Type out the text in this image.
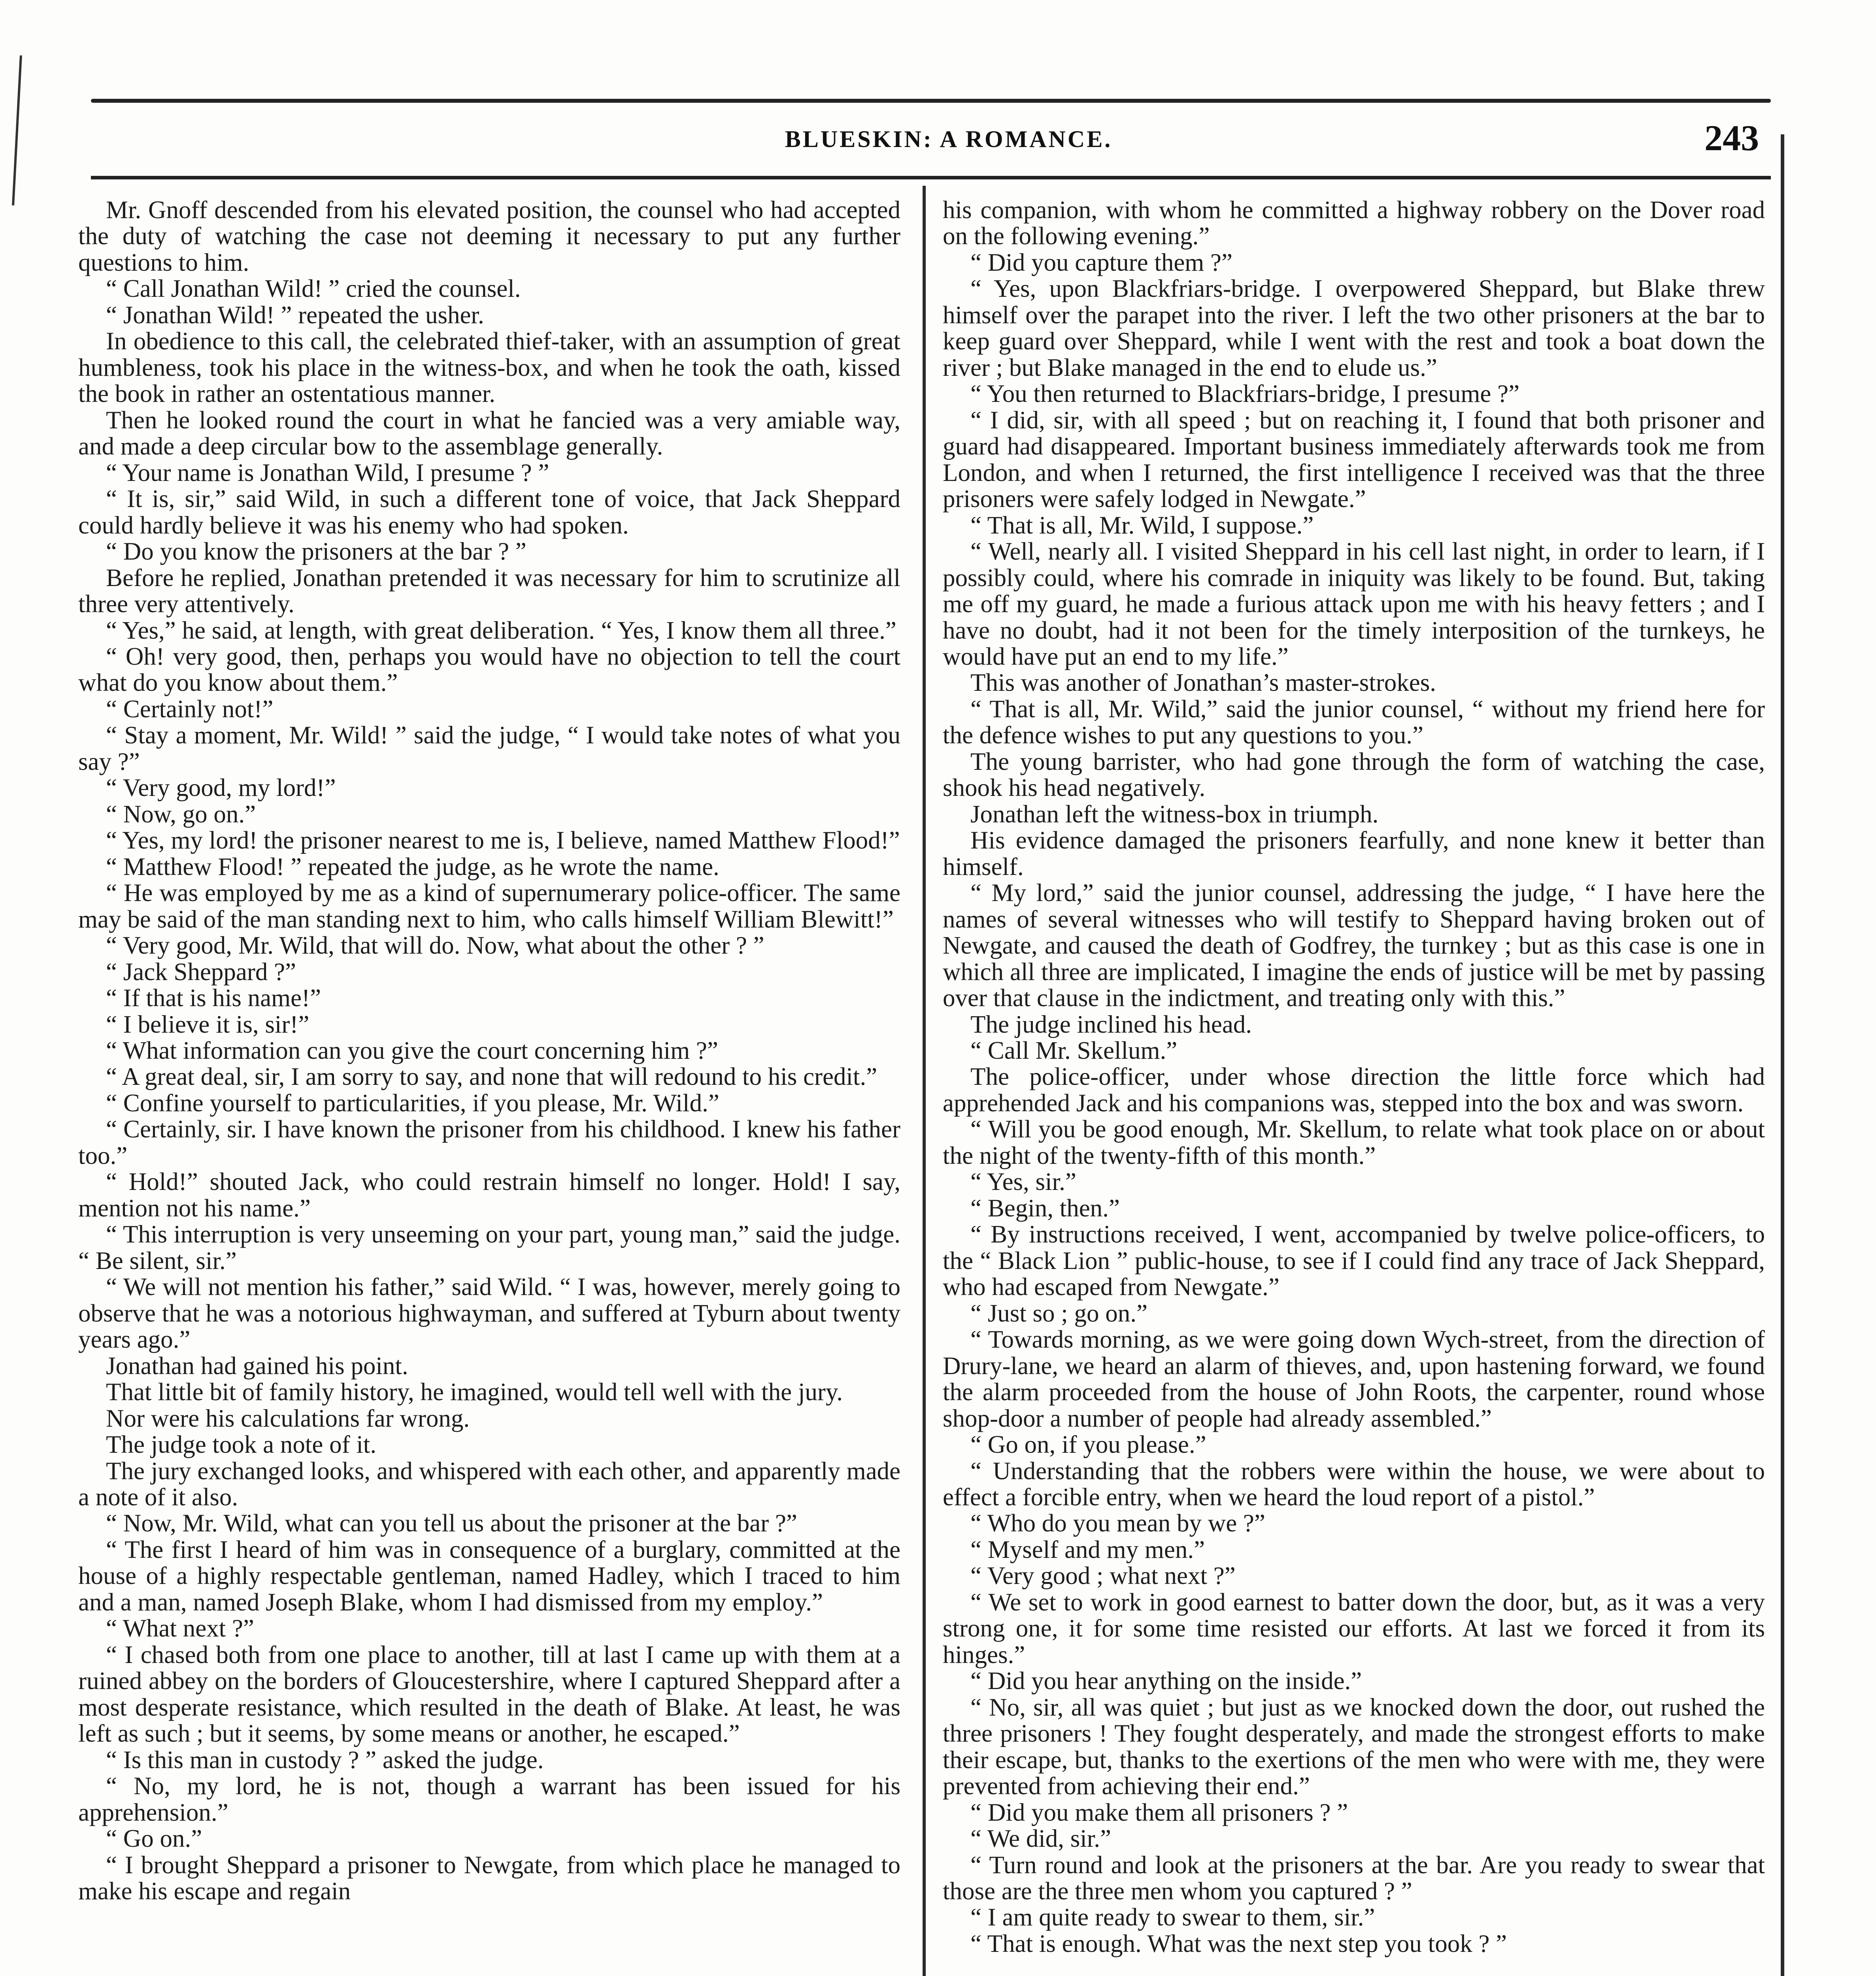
BLUESKIN: A ROMANCE.	243

Mr. Gnoff descended from his elevated position, the counsel who had accepted the duty of watching the case not deeming it necessary to put any further questions to him.

“ Call Jonathan Wild! ” cried the counsel.

“ Jonathan Wild! ” repeated the usher.

In obedience to this call, the celebrated thief-taker, with an assumption of great humbleness, took his place in the witness-box, and when he took the oath, kissed the book in rather an ostentatious manner.

Then he looked round the court in what he fancied was a very amiable way, and made a deep circular bow to the assemblage generally.

“ Your name is Jonathan Wild, I presume ? ”

“ It is, sir,” said Wild, in such a different tone of voice, that Jack Sheppard could hardly believe it was his enemy who had spoken.

“ Do you know the prisoners at the bar ? ”

Before he replied, Jonathan pretended it was necessary for him to scrutinize all three very attentively.

“ Yes,” he said, at length, with great deliberation. “ Yes, I know them all three.”

“ Oh! very good, then, perhaps you would have no objection to tell the court what do you know about them.”

“ Certainly not!”

“ Stay a moment, Mr. Wild! ” said the judge, “ I would take notes of what you say ?”

“ Very good, my lord!”

“ Now, go on.”

“ Yes, my lord! the prisoner nearest to me is, I believe, named Matthew Flood!”

“ Matthew Flood! ” repeated the judge, as he wrote the name.

“ He was employed by me as a kind of supernumerary police-officer. The same may be said of the man standing next to him, who calls himself William Blewitt!”

“ Very good, Mr. Wild, that will do. Now, what about the other ? ”

“ Jack Sheppard ?”

“ If that is his name!”

“ I believe it is, sir!”

“ What information can you give the court concerning him ?”

“ A great deal, sir, I am sorry to say, and none that will redound to his credit.”

“ Confine yourself to particularities, if you please, Mr. Wild.”

“ Certainly, sir. I have known the prisoner from his childhood. I knew his father too.”

“ Hold!” shouted Jack, who could restrain himself no longer. Hold! I say, mention not his name.”

“ This interruption is very unseeming on your part, young man,” said the judge. “ Be silent, sir.”

“ We will not mention his father,” said Wild. “ I was, however, merely going to observe that he was a notorious highwayman, and suffered at Tyburn about twenty years ago.”

Jonathan had gained his point.

That little bit of family history, he imagined, would tell well with the jury.

Nor were his calculations far wrong.

The judge took a note of it.

The jury exchanged looks, and whispered with each other, and apparently made a note of it also.

“ Now, Mr. Wild, what can you tell us about the prisoner at the bar ?”

“ The first I heard of him was in consequence of a burglary, committed at the house of a highly respectable gentleman, named Hadley, which I traced to him and a man, named Joseph Blake, whom I had dismissed from my employ.”

“ What next ?”

“ I chased both from one place to another, till at last I came up with them at a ruined abbey on the borders of Gloucestershire, where I captured Sheppard after a most desperate resistance, which resulted in the death of Blake. At least, he was left as such ; but it seems, by some means or another, he escaped.”

“ Is this man in custody ? ” asked the judge.

“ No, my lord, he is not, though a warrant has been issued for his apprehension.”

“ Go on.”

“ I brought Sheppard a prisoner to Newgate, from which place he managed to make his escape and regain

his companion, with whom he committed a highway robbery on the Dover road on the following evening.”

“ Did you capture them ?”

“ Yes, upon Blackfriars-bridge. I overpowered Sheppard, but Blake threw himself over the parapet into the river. I left the two other prisoners at the bar to keep guard over Sheppard, while I went with the rest and took a boat down the river ; but Blake managed in the end to elude us.”

“ You then returned to Blackfriars-bridge, I presume ?”

“ I did, sir, with all speed ; but on reaching it, I found that both prisoner and guard had disappeared. Important business immediately afterwards took me from London, and when I returned, the first intelligence I received was that the three prisoners were safely lodged in Newgate.”

“ That is all, Mr. Wild, I suppose.”

“ Well, nearly all. I visited Sheppard in his cell last night, in order to learn, if I possibly could, where his comrade in iniquity was likely to be found. But, taking me off my guard, he made a furious attack upon me with his heavy fetters ; and I have no doubt, had it not been for the timely interposition of the turnkeys, he would have put an end to my life.”

This was another of Jonathan’s master-strokes.

“ That is all, Mr. Wild,” said the junior counsel, “ without my friend here for the defence wishes to put any questions to you.”

The young barrister, who had gone through the form of watching the case, shook his head negatively.

Jonathan left the witness-box in triumph.

His evidence damaged the prisoners fearfully, and none knew it better than himself.

“ My lord,” said the junior counsel, addressing the judge, “ I have here the names of several witnesses who will testify to Sheppard having broken out of Newgate, and caused the death of Godfrey, the turnkey ; but as this case is one in which all three are implicated, I imagine the ends of justice will be met by passing over that clause in the indictment, and treating only with this.”

The judge inclined his head.

“ Call Mr. Skellum.”

The police-officer, under whose direction the little force which had apprehended Jack and his companions was, stepped into the box and was sworn.

“ Will you be good enough, Mr. Skellum, to relate what took place on or about the night of the twenty-fifth of this month.”

“ Yes, sir.”

“ Begin, then.”

“ By instructions received, I went, accompanied by twelve police-officers, to the “ Black Lion ” public-house, to see if I could find any trace of Jack Sheppard, who had escaped from Newgate.”

“ Just so ; go on.”

“ Towards morning, as we were going down Wych-street, from the direction of Drury-lane, we heard an alarm of thieves, and, upon hastening forward, we found the alarm proceeded from the house of John Roots, the carpenter, round whose shop-door a number of people had already assembled.”

“ Go on, if you please.”

“ Understanding that the robbers were within the house, we were about to effect a forcible entry, when we heard the loud report of a pistol.”

“ Who do you mean by we ?”

“ Myself and my men.”

“ Very good ; what next ?”

“ We set to work in good earnest to batter down the door, but, as it was a very strong one, it for some time resisted our efforts. At last we forced it from its hinges.”

“ Did you hear anything on the inside.”

“ No, sir, all was quiet ; but just as we knocked down the door, out rushed the three prisoners ! They fought desperately, and made the strongest efforts to make their escape, but, thanks to the exertions of the men who were with me, they were prevented from achieving their end.”

“ Did you make them all prisoners ? ”

“ We did, sir.”

“ Turn round and look at the prisoners at the bar. Are you ready to swear that those are the three men whom you captured ? ”

“ I am quite ready to swear to them, sir.”

“ That is enough. What was the next step you took ? ”
